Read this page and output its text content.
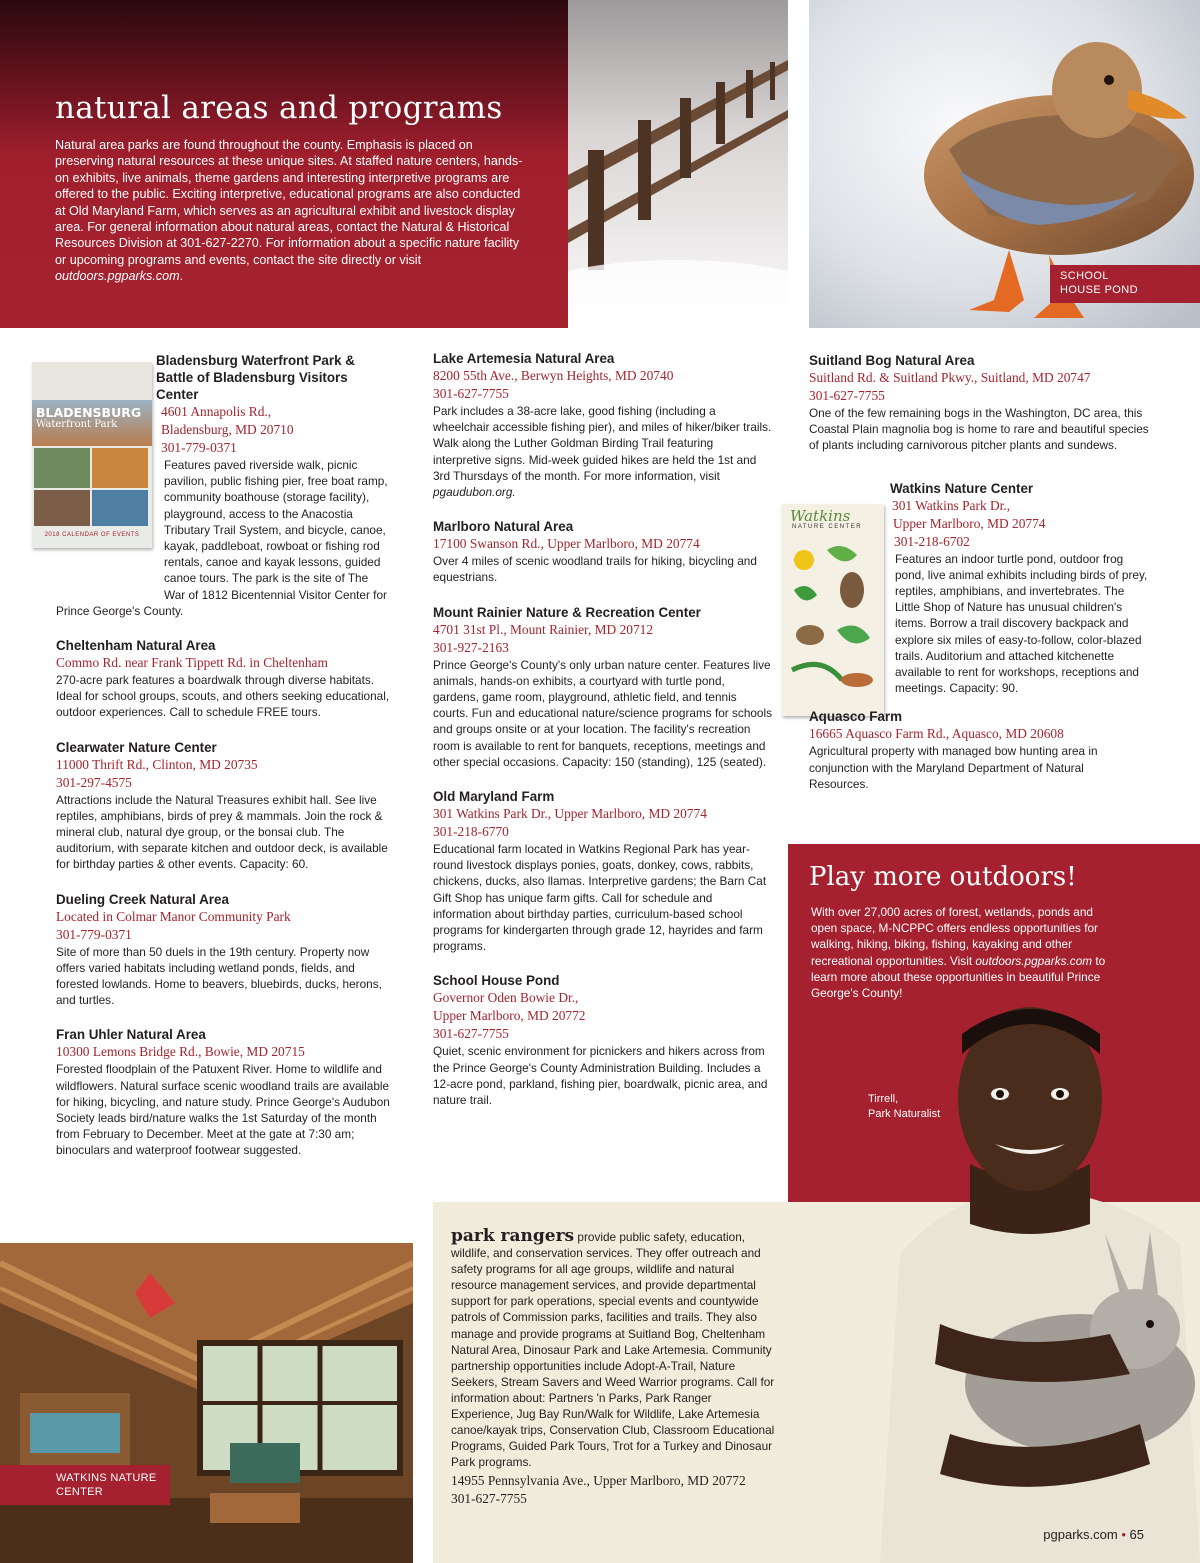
natural areas and programs

Natural area parks are found throughout the county. Emphasis is placed on preserving natural resources at these unique sites. At staffed nature centers, hands-on exhibits, live animals, theme gardens and interesting interpretive programs are offered to the public. Exciting interpretive, educational programs are also conducted at Old Maryland Farm, which serves as an agricultural exhibit and livestock display area. For general information about natural areas, contact the Natural & Historical Resources Division at 301-627-2270. For information about a specific nature facility or upcoming programs and events, contact the site directly or visit outdoors.pgparks.com.	SCHOOL
HOUSE POND
BLADENSBURG
Waterfront Park
2018 CALENDAR OF EVENTS
Watkins
NATURE CENTER
Bladensburg Waterfront Park & Battle of Bladensburg Visitors Center
4601 Annapolis Rd.,
Bladensburg, MD 20710
301-779-0371
Features paved riverside walk, picnic pavilion, public fishing pier, free boat ramp, community boathouse (storage facility), playground, access to the Anacostia Tributary Trail System, and bicycle, canoe, kayak, paddleboat, rowboat or fishing rod rentals, canoe and kayak lessons, guided canoe tours. The park is the site of The War of 1812 Bicentennial Visitor Center for Prince George's County.
Cheltenham Natural Area
Commo Rd. near Frank Tippett Rd. in Cheltenham
270-acre park features a boardwalk through diverse habitats. Ideal for school groups, scouts, and others seeking educational, outdoor experiences. Call to schedule FREE tours.
Clearwater Nature Center
11000 Thrift Rd., Clinton, MD 20735
301-297-4575
Attractions include the Natural Treasures exhibit hall. See live reptiles, amphibians, birds of prey & mammals. Join the rock & mineral club, natural dye group, or the bonsai club. The auditorium, with separate kitchen and outdoor deck, is available for birthday parties & other events. Capacity: 60.
Dueling Creek Natural Area
Located in Colmar Manor Community Park
301-779-0371
Site of more than 50 duels in the 19th century. Property now offers varied habitats including wetland ponds, fields, and forested lowlands. Home to beavers, bluebirds, ducks, herons, and turtles.
Fran Uhler Natural Area
10300 Lemons Bridge Rd., Bowie, MD 20715
Forested floodplain of the Patuxent River. Home to wildlife and wildflowers. Natural surface scenic woodland trails are available for hiking, bicycling, and nature study. Prince George's Audubon Society leads bird/nature walks the 1st Saturday of the month from February to December. Meet at the gate at 7:30 am; binoculars and waterproof footwear suggested.
Lake Artemesia Natural Area
8200 55th Ave., Berwyn Heights, MD 20740
301-627-7755
Park includes a 38-acre lake, good fishing (including a wheelchair accessible fishing pier), and miles of hiker/biker trails. Walk along the Luther Goldman Birding Trail featuring interpretive signs. Mid-week guided hikes are held the 1st and 3rd Thursdays of the month. For more information, visit pgaudubon.org.
Marlboro Natural Area
17100 Swanson Rd., Upper Marlboro, MD 20774
Over 4 miles of scenic woodland trails for hiking, bicycling and equestrians.
Mount Rainier Nature & Recreation Center
4701 31st Pl., Mount Rainier, MD 20712
301-927-2163
Prince George's County's only urban nature center. Features live animals, hands-on exhibits, a courtyard with turtle pond, gardens, game room, playground, athletic field, and tennis courts. Fun and educational nature/science programs for schools and groups onsite or at your location. The facility's recreation room is available to rent for banquets, receptions, meetings and other special occasions. Capacity: 150 (standing), 125 (seated).
Old Maryland Farm
301 Watkins Park Dr., Upper Marlboro, MD 20774
301-218-6770
Educational farm located in Watkins Regional Park has year-round livestock displays ponies, goats, donkey, cows, rabbits, chickens, ducks, also llamas. Interpretive gardens; the Barn Cat Gift Shop has unique farm gifts. Call for schedule and information about birthday parties, curriculum-based school programs for kindergarten through grade 12, hayrides and farm programs.
School House Pond
Governor Oden Bowie Dr.,
Upper Marlboro, MD 20772
301-627-7755
Quiet, scenic environment for picnickers and hikers across from the Prince George's County Administration Building. Includes a 12-acre pond, parkland, fishing pier, boardwalk, picnic area, and nature trail.
Suitland Bog Natural Area
Suitland Rd. & Suitland Pkwy., Suitland, MD 20747
301-627-7755
One of the few remaining bogs in the Washington, DC area, this Coastal Plain magnolia bog is home to rare and beautiful species of plants including carnivorous pitcher plants and sundews.
Watkins Nature Center
301 Watkins Park Dr.,
Upper Marlboro, MD 20774
301-218-6702
Features an indoor turtle pond, outdoor frog pond, live animal exhibits including birds of prey, reptiles, amphibians, and invertebrates. The Little Shop of Nature has unusual children's items. Borrow a trail discovery backpack and explore six miles of easy-to-follow, color-blazed trails. Auditorium and attached kitchenette available to rent for workshops, receptions and meetings. Capacity: 90.
Aquasco Farm
16665 Aquasco Farm Rd., Aquasco, MD 20608
Agricultural property with managed bow hunting area in conjunction with the Maryland Department of Natural Resources.
Play more outdoors!

With over 27,000 acres of forest, wetlands, ponds and open space, M-NCPPC offers endless opportunities for walking, hiking, biking, fishing, kayaking and other recreational opportunities. Visit outdoors.pgparks.com to learn more about these opportunities in beautiful Prince George's County!

Tirrell,
Park Naturalist
park rangers provide public safety, education, wildlife, and conservation services. They offer outreach and safety programs for all age groups, wildlife and natural resource management services, and provide departmental support for park operations, special events and countywide patrols of Commission parks, facilities and trails. They also manage and provide programs at Suitland Bog, Cheltenham Natural Area, Dinosaur Park and Lake Artemesia. Community partnership opportunities include Adopt-A-Trail, Nature Seekers, Stream Savers and Weed Warrior programs. Call for information about: Partners 'n Parks, Park Ranger Experience, Jug Bay Run/Walk for Wildlife, Lake Artemesia canoe/kayak trips, Conservation Club, Classroom Educational Programs, Guided Park Tours, Trot for a Turkey and Dinosaur Park programs.
14955 Pennsylvania Ave., Upper Marlboro, MD 20772
301-627-7755
WATKINS NATURE
CENTER
pgparks.com • 65
